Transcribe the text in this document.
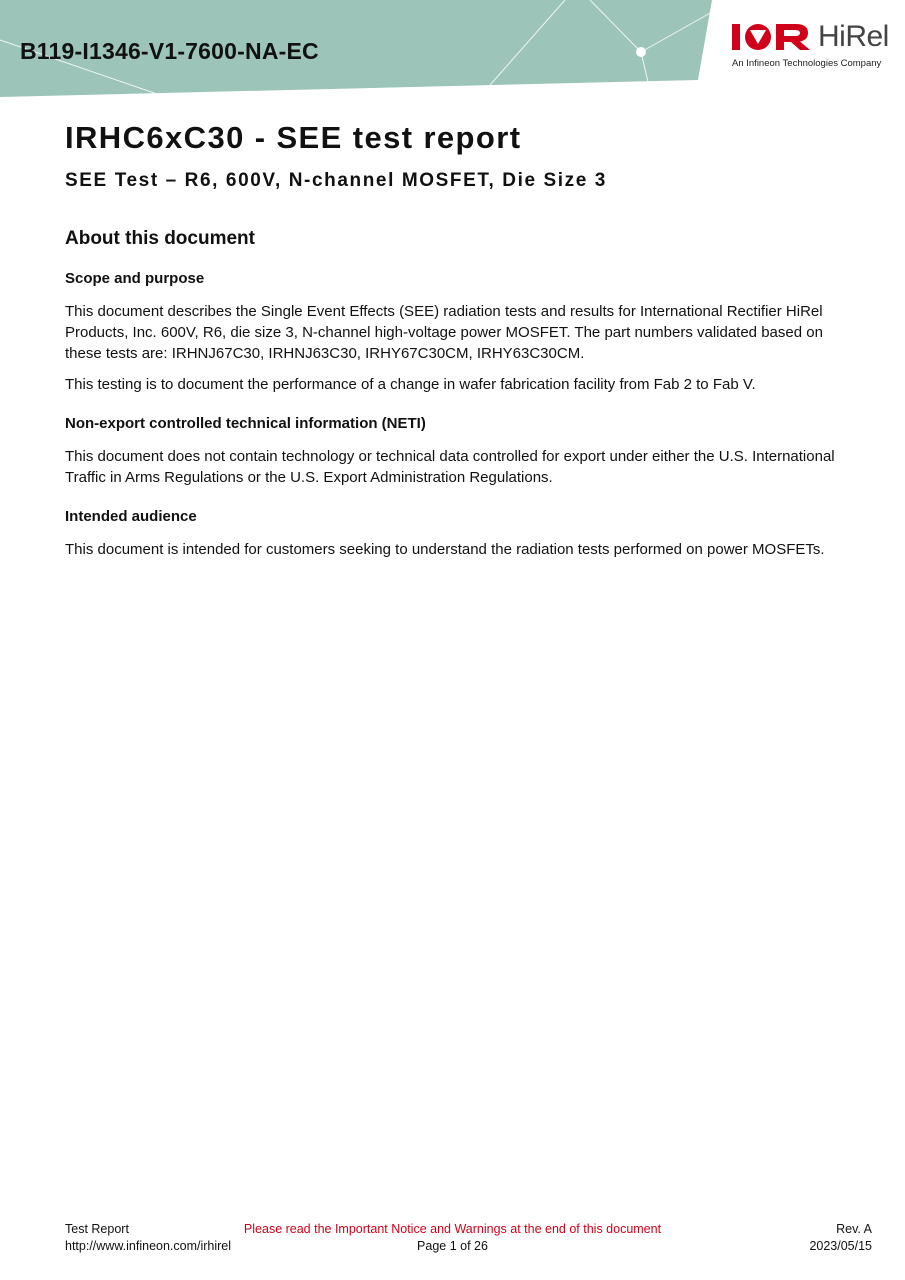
B119-I1346-V1-7600-NA-EC	HiRel
An Infineon Technologies Company
IRHC6xC30 - SEE test report
SEE Test – R6, 600V, N-channel MOSFET, Die Size 3
About this document
Scope and purpose

This document describes the Single Event Effects (SEE) radiation tests and results for International Rectifier HiRel Products, Inc. 600V, R6, die size 3, N-channel high-voltage power MOSFET. The part numbers validated based on these tests are: IRHNJ67C30, IRHNJ63C30, IRHY67C30CM, IRHY63C30CM.

This testing is to document the performance of a change in wafer fabrication facility from Fab 2 to Fab V.

Non-export controlled technical information (NETI)

This document does not contain technology or technical data controlled for export under either the U.S. International Traffic in Arms Regulations or the U.S. Export Administration Regulations.

Intended audience

This document is intended for customers seeking to understand the radiation tests performed on power MOSFETs.

Test Report
http://www.infineon.com/irhirel
Please read the Important Notice and Warnings at the end of this document
Page 1 of 26
Rev. A
2023/05/15
